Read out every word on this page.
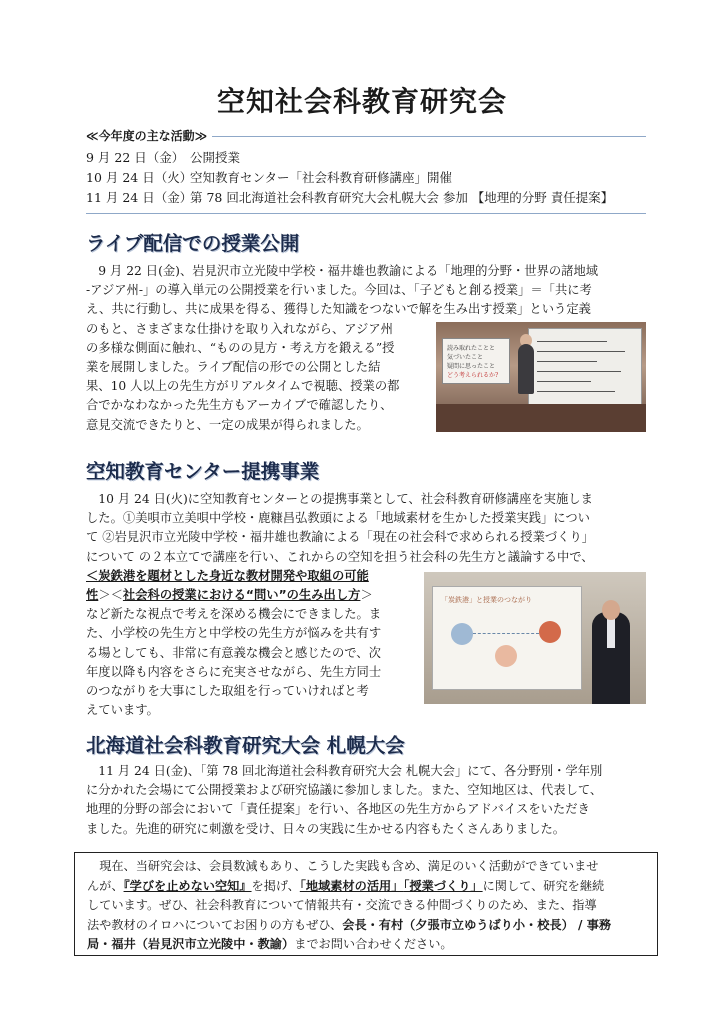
空知社会科教育研究会
≪今年度の主な活動≫
9 月 22 日（金） 公開授業
10 月 24 日（火）空知教育センター「社会科教育研修講座」開催
11 月 24 日（金）第 78 回北海道社会科教育研究大会札幌大会 参加 【地理的分野 責任提案】
ライブ配信での授業公開
9 月 22 日(金)、岩見沢市立光陵中学校・福井雄也教諭による「地理的分野・世界の諸地域
-アジア州-」の導入単元の公開授業を行いました。今回は、「子どもと創る授業」＝「共に考
え、共に行動し、共に成果を得る、獲得した知識をつないで解を生み出す授業」という定義
のもと、さまざまな仕掛けを取り入れながら、アジア州
の多様な側面に触れ、“ものの見方・考え方を鍛える”授
業を展開しました。ライブ配信の形での公開とした結
果、10 人以上の先生方がリアルタイムで視聴、授業の都
合でかなわなかった先生方もアーカイブで確認したり、
意見交流できたりと、一定の成果が得られました。
読み取れたことと
気づいたこと
疑問に思ったこと
どう考えられるか?
空知教育センター提携事業
10 月 24 日(火)に空知教育センターとの提携事業として、社会科教育研修講座を実施しま
した。①美唄市立美唄中学校・鹿糠昌弘教頭による「地域素材を生かした授業実践」につい
て ②岩見沢市立光陵中学校・福井雄也教諭による「現在の社会科で求められる授業づくり」
について の２本立てで講座を行い、これからの空知を担う社会科の先生方と議論する中で、
＜炭鉄港を題材とした身近な教材開発や取組の可能
性＞＜社会科の授業における“問い”の生み出し方＞
など新たな視点で考えを深める機会にできました。ま
た、小学校の先生方と中学校の先生方が悩みを共有す
る場としても、非常に有意義な機会と感じたので、次
年度以降も内容をさらに充実させながら、先生方同士
のつながりを大事にした取組を行っていければと考
えています。
「炭鉄港」と授業のつながり
北海道社会科教育研究大会 札幌大会
11 月 24 日(金)、「第 78 回北海道社会科教育研究大会 札幌大会」にて、各分野別・学年別
に分かれた会場にて公開授業および研究協議に参加しました。また、空知地区は、代表して、
地理的分野の部会において「責任提案」を行い、各地区の先生方からアドバイスをいただき
ました。先進的研究に刺激を受け、日々の実践に生かせる内容もたくさんありました。
現在、当研究会は、会員数減もあり、こうした実践も含め、満足のいく活動ができていませ
んが、『学びを止めない空知』を掲げ、「地域素材の活用」「授業づくり」に関して、研究を継続
しています。ぜひ、社会科教育について情報共有・交流できる仲間づくりのため、また、指導
法や教材のイロハについてお困りの方もぜひ、会長・有村（夕張市立ゆうばり小・校長） / 事務
局・福井（岩見沢市立光陵中・教諭）までお問い合わせください。
